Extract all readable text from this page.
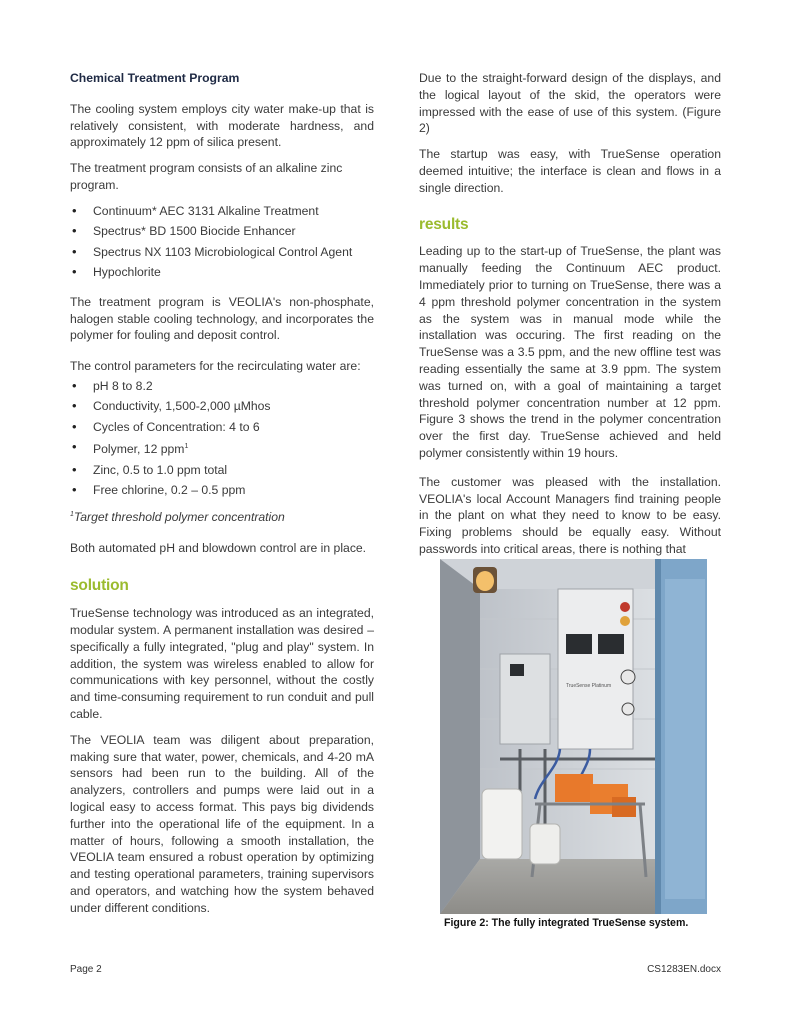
Chemical Treatment Program

The cooling system employs city water make-up that is relatively consistent, with moderate hardness, and approximately 12 ppm of silica present.

The treatment program consists of an alkaline zinc program.

• Continuum* AEC 3131 Alkaline Treatment
• Spectrus* BD 1500 Biocide Enhancer
• Spectrus NX 1103 Microbiological Control Agent
• Hypochlorite

The treatment program is VEOLIA's non-phosphate, halogen stable cooling technology, and incorporates the polymer for fouling and deposit control.

The control parameters for the recirculating water are:

• pH 8 to 8.2
• Conductivity, 1,500-2,000 µMhos
• Cycles of Concentration: 4 to 6
• Polymer, 12 ppm$^1$
• Zinc, 0.5 to 1.0 ppm total
• Free chlorine, 0.2 – 0.5 ppm

$^1$Target threshold polymer concentration

Both automated pH and blowdown control are in place.

solution

TrueSense technology was introduced as an integrated, modular system. A permanent installation was desired – specifically a fully integrated, "plug and play" system. In addition, the system was wireless enabled to allow for communications with key personnel, without the costly and time-consuming requirement to run conduit and pull cable.

The VEOLIA team was diligent about preparation, making sure that water, power, chemicals, and 4-20 mA sensors had been run to the building. All of the analyzers, controllers and pumps were laid out in a logical easy to access format. This pays big dividends further into the operational life of the equipment. In a matter of hours, following a smooth installation, the VEOLIA team ensured a robust operation by optimizing and testing operational parameters, training supervisors and operators, and watching how the system behaved under different conditions.

Due to the straight-forward design of the displays, and the logical layout of the skid, the operators were impressed with the ease of use of this system. (Figure 2)

The startup was easy, with TrueSense operation deemed intuitive; the interface is clean and flows in a single direction.

results

Leading up to the start-up of TrueSense, the plant was manually feeding the Continuum AEC product. Immediately prior to turning on TrueSense, there was a 4 ppm threshold polymer concentration in the system as the system was in manual mode while the installation was occuring. The first reading on the TrueSense was a 3.5 ppm, and the new offline test was reading essentially the same at 3.9 ppm. The system was turned on, with a goal of maintaining a target threshold polymer concentration number at 12 ppm. Figure 3 shows the trend in the polymer concentration over the first day. TrueSense achieved and held polymer consistently within 19 hours.

The customer was pleased with the installation. VEOLIA's local Account Managers find training people in the plant on what they need to know to be easy. Fixing problems should be equally easy. Without passwords into critical areas, there is nothing that

TrueSense Platinum
Figure 2: The fully integrated TrueSense system.
Page 2	CS1283EN.docx
